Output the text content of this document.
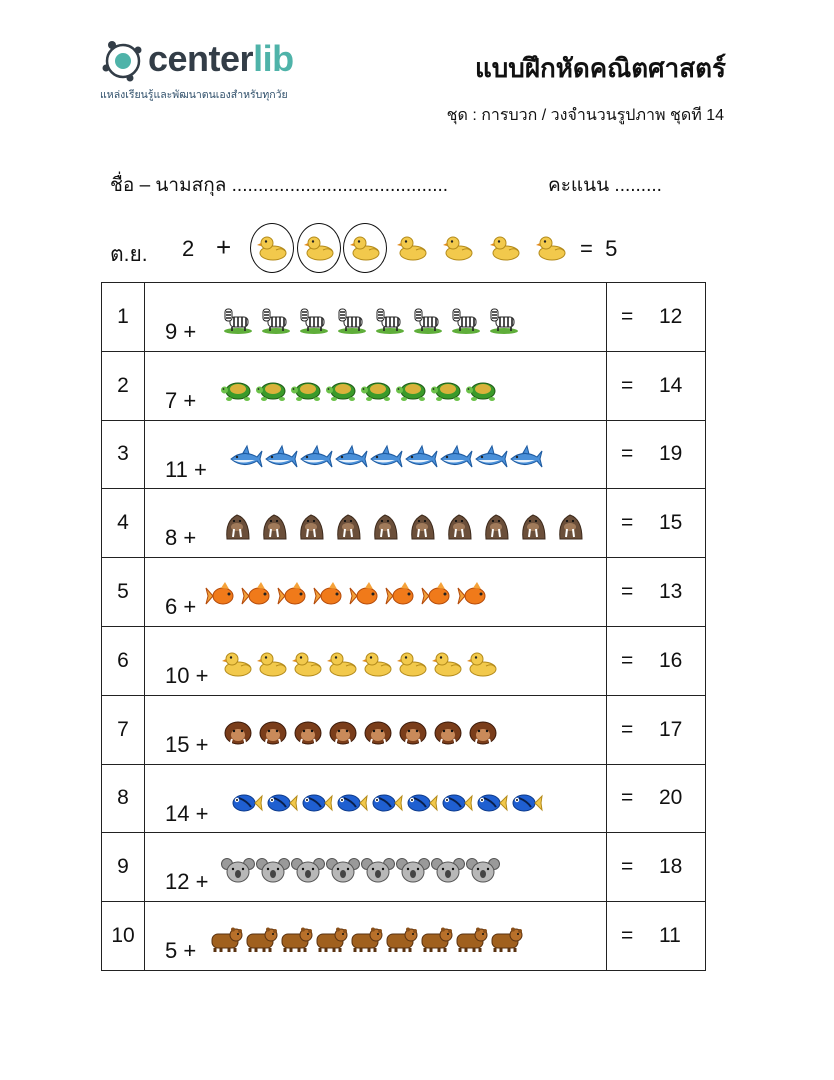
centerlib
แหล่งเรียนรู้และพัฒนาตนเองสำหรับทุกวัย
แบบฝึกหัดคณิตศาสตร์
ชุด : การบวก / วงจำนวนรูปภาพ ชุดที 14
ชื่อ – นามสกุล .........................................	คะแนน .........
ต.ย. 2 +	= 5
1	9 +	= 12

2	7 +	= 14

3	11 +	= 19

4	8 +	= 15

5	6 +	= 13

6	10 +	= 16

7	15 +	= 17

8	14 +	= 20

9	12 +	= 18

10	5 +	= 11
